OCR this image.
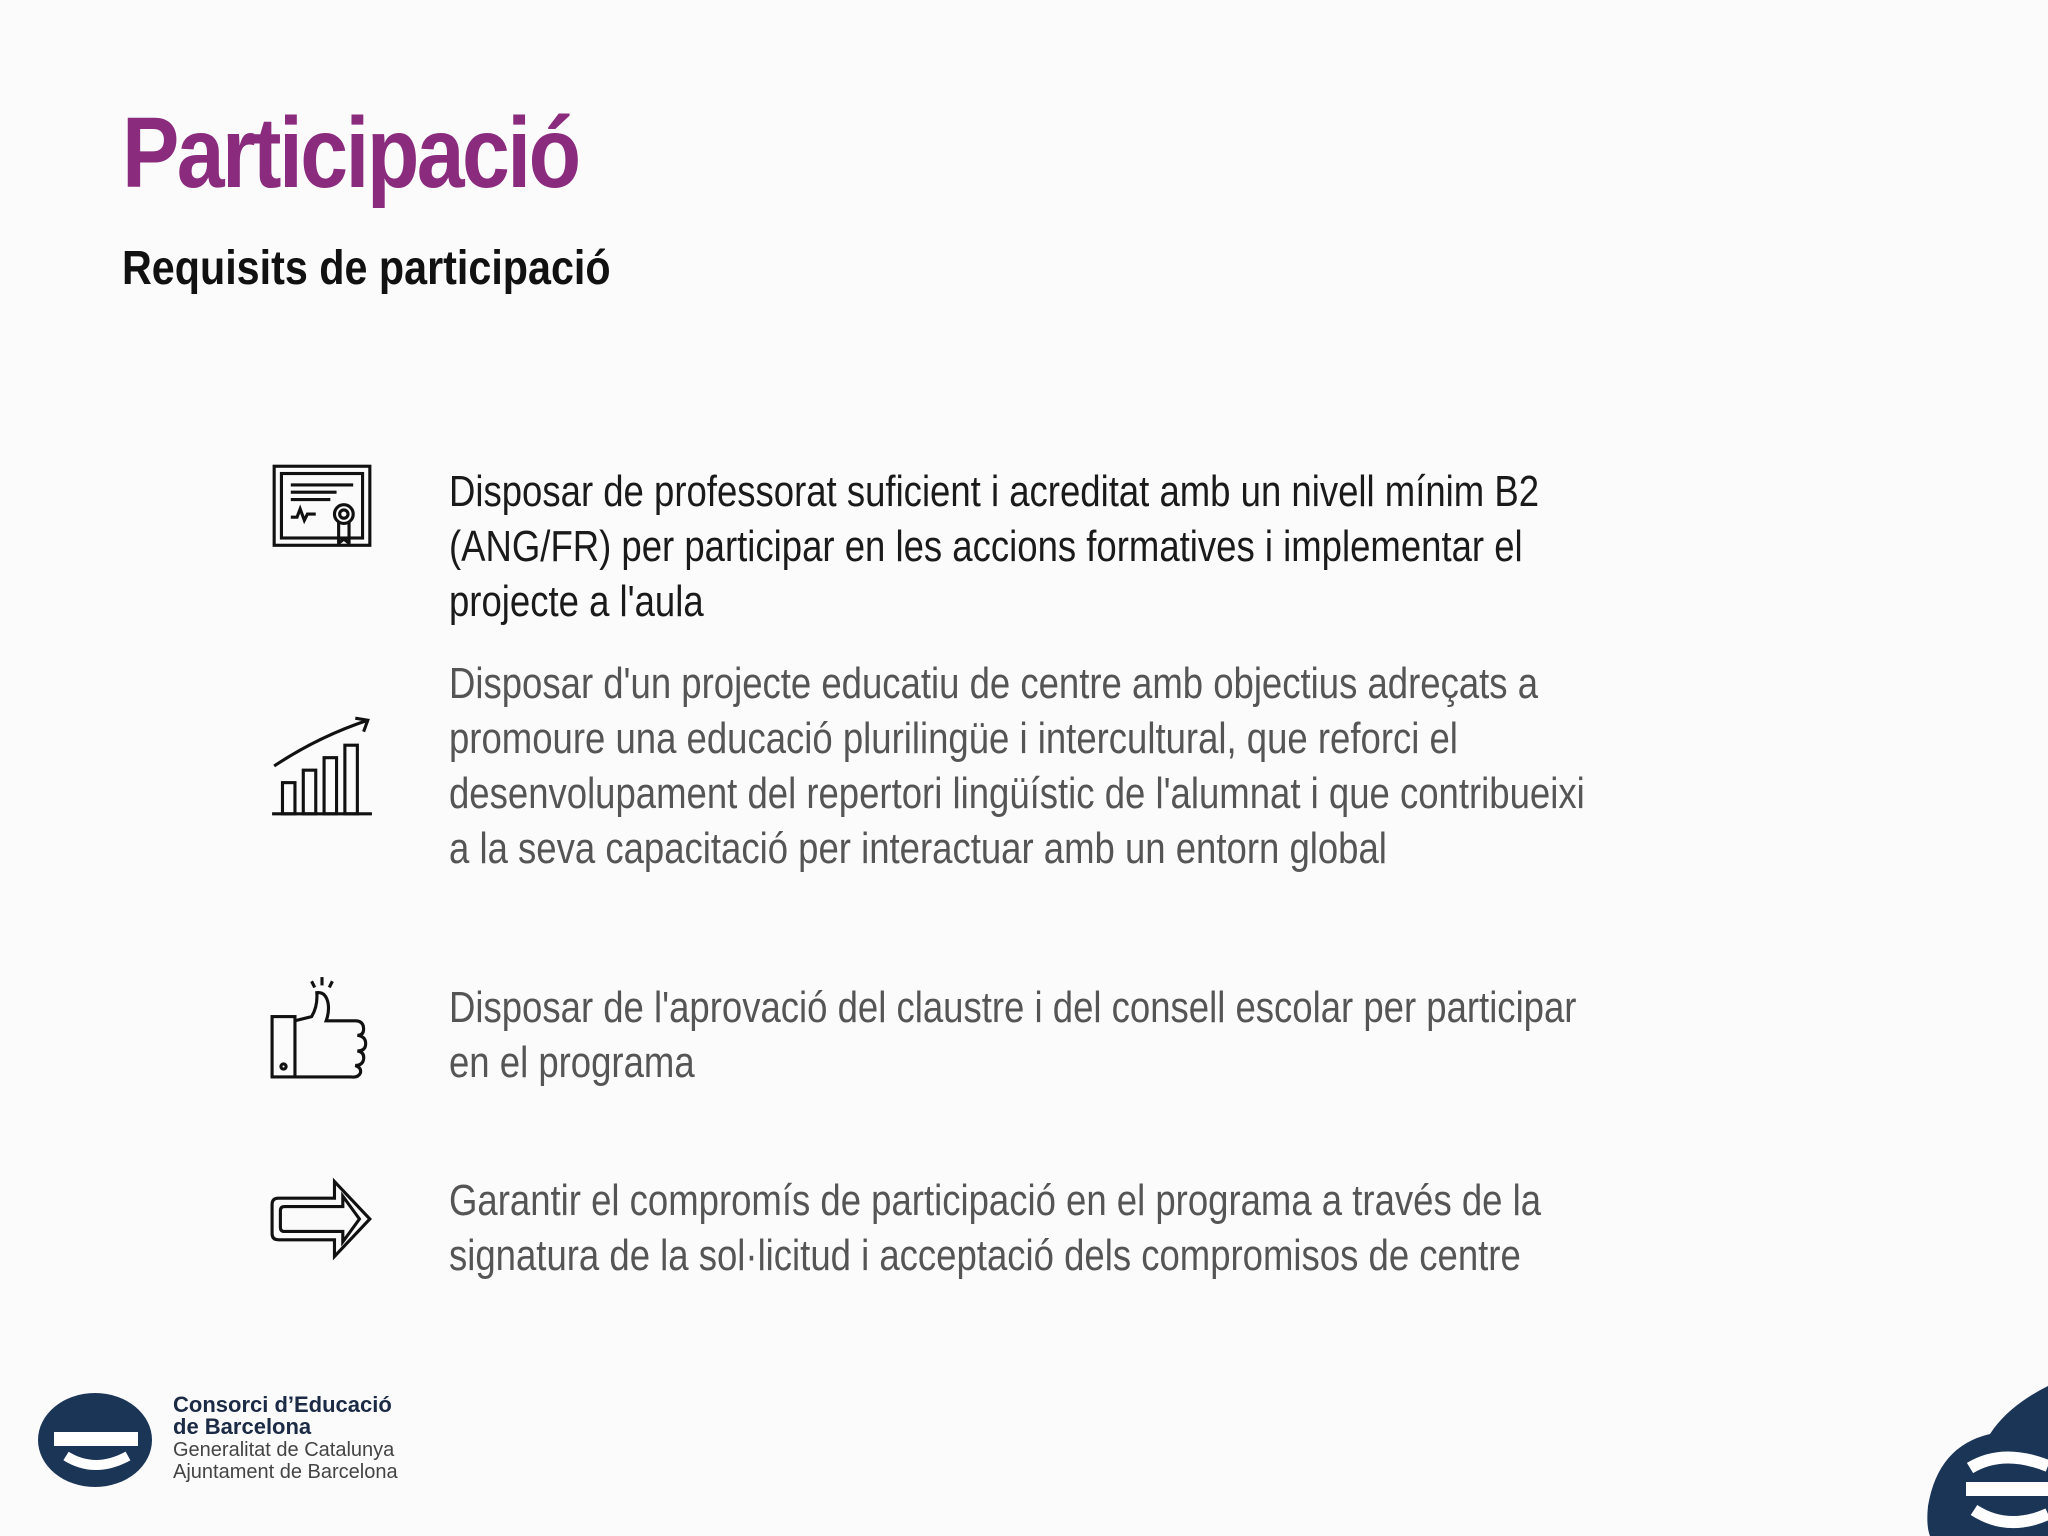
Participació
Requisits de participació

Disposar de professorat suficient i acreditat amb un nivell mínim B2 (ANG/FR) per participar en les accions formatives i implementar el projecte a l'aula

Disposar d'un projecte educatiu de centre amb objectius adreçats a promoure una educació plurilingüe i intercultural, que reforci el desenvolupament del repertori lingüístic de l'alumnat i que contribueixi a la seva capacitació per interactuar amb un entorn global

Disposar de l'aprovació del claustre i del consell escolar per participar en el programa

Garantir el compromís de participació en el programa a través de la signatura de la sol·licitud i acceptació dels compromisos de centre

Consorci d’Educació
de Barcelona
Generalitat de Catalunya
Ajuntament de Barcelona
